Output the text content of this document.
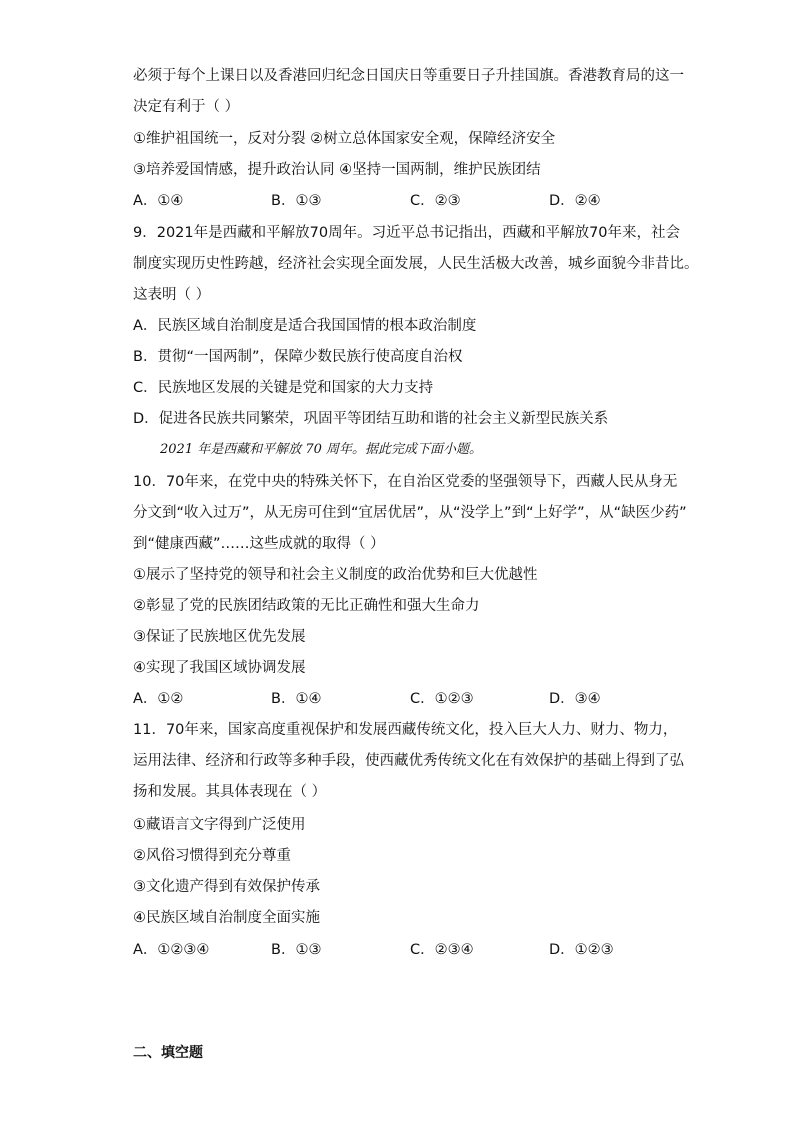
必须于每个上课日以及香港回归纪念日国庆日等重要日子升挂国旗。香港教育局的这一
决定有利于（ ）
①维护祖国统一，反对分裂 ②树立总体国家安全观，保障经济安全
③培养爱国情感，提升政治认同 ④坚持一国两制，维护民族团结
A．①④	B．①③	C．②③	D．②④
9．2021年是西藏和平解放70周年。习近平总书记指出，西藏和平解放70年来，社会
制度实现历史性跨越，经济社会实现全面发展，人民生活极大改善，城乡面貌今非昔比。
这表明（ ）
A．民族区域自治制度是适合我国国情的根本政治制度
B．贯彻“一国两制”，保障少数民族行使高度自治权
C．民族地区发展的关键是党和国家的大力支持
D．促进各民族共同繁荣，巩固平等团结互助和谐的社会主义新型民族关系
2021 年是西藏和平解放 70 周年。据此完成下面小题。
10．70年来，在党中央的特殊关怀下，在自治区党委的坚强领导下，西藏人民从身无
分文到“收入过万”，从无房可住到“宜居优居”，从“没学上”到“上好学”，从“缺医少药”
到“健康西藏”……这些成就的取得（ ）
①展示了坚持党的领导和社会主义制度的政治优势和巨大优越性
②彰显了党的民族团结政策的无比正确性和强大生命力
③保证了民族地区优先发展
④实现了我国区域协调发展
A．①②	B．①④	C．①②③	D．③④
11．70年来，国家高度重视保护和发展西藏传统文化，投入巨大人力、财力、物力，
运用法律、经济和行政等多种手段，使西藏优秀传统文化在有效保护的基础上得到了弘
扬和发展。其具体表现在（ ）
①藏语言文字得到广泛使用
②风俗习惯得到充分尊重
③文化遗产得到有效保护传承
④民族区域自治制度全面实施
A．①②③④	B．①③	C．②③④	D．①②③
二、填空题
